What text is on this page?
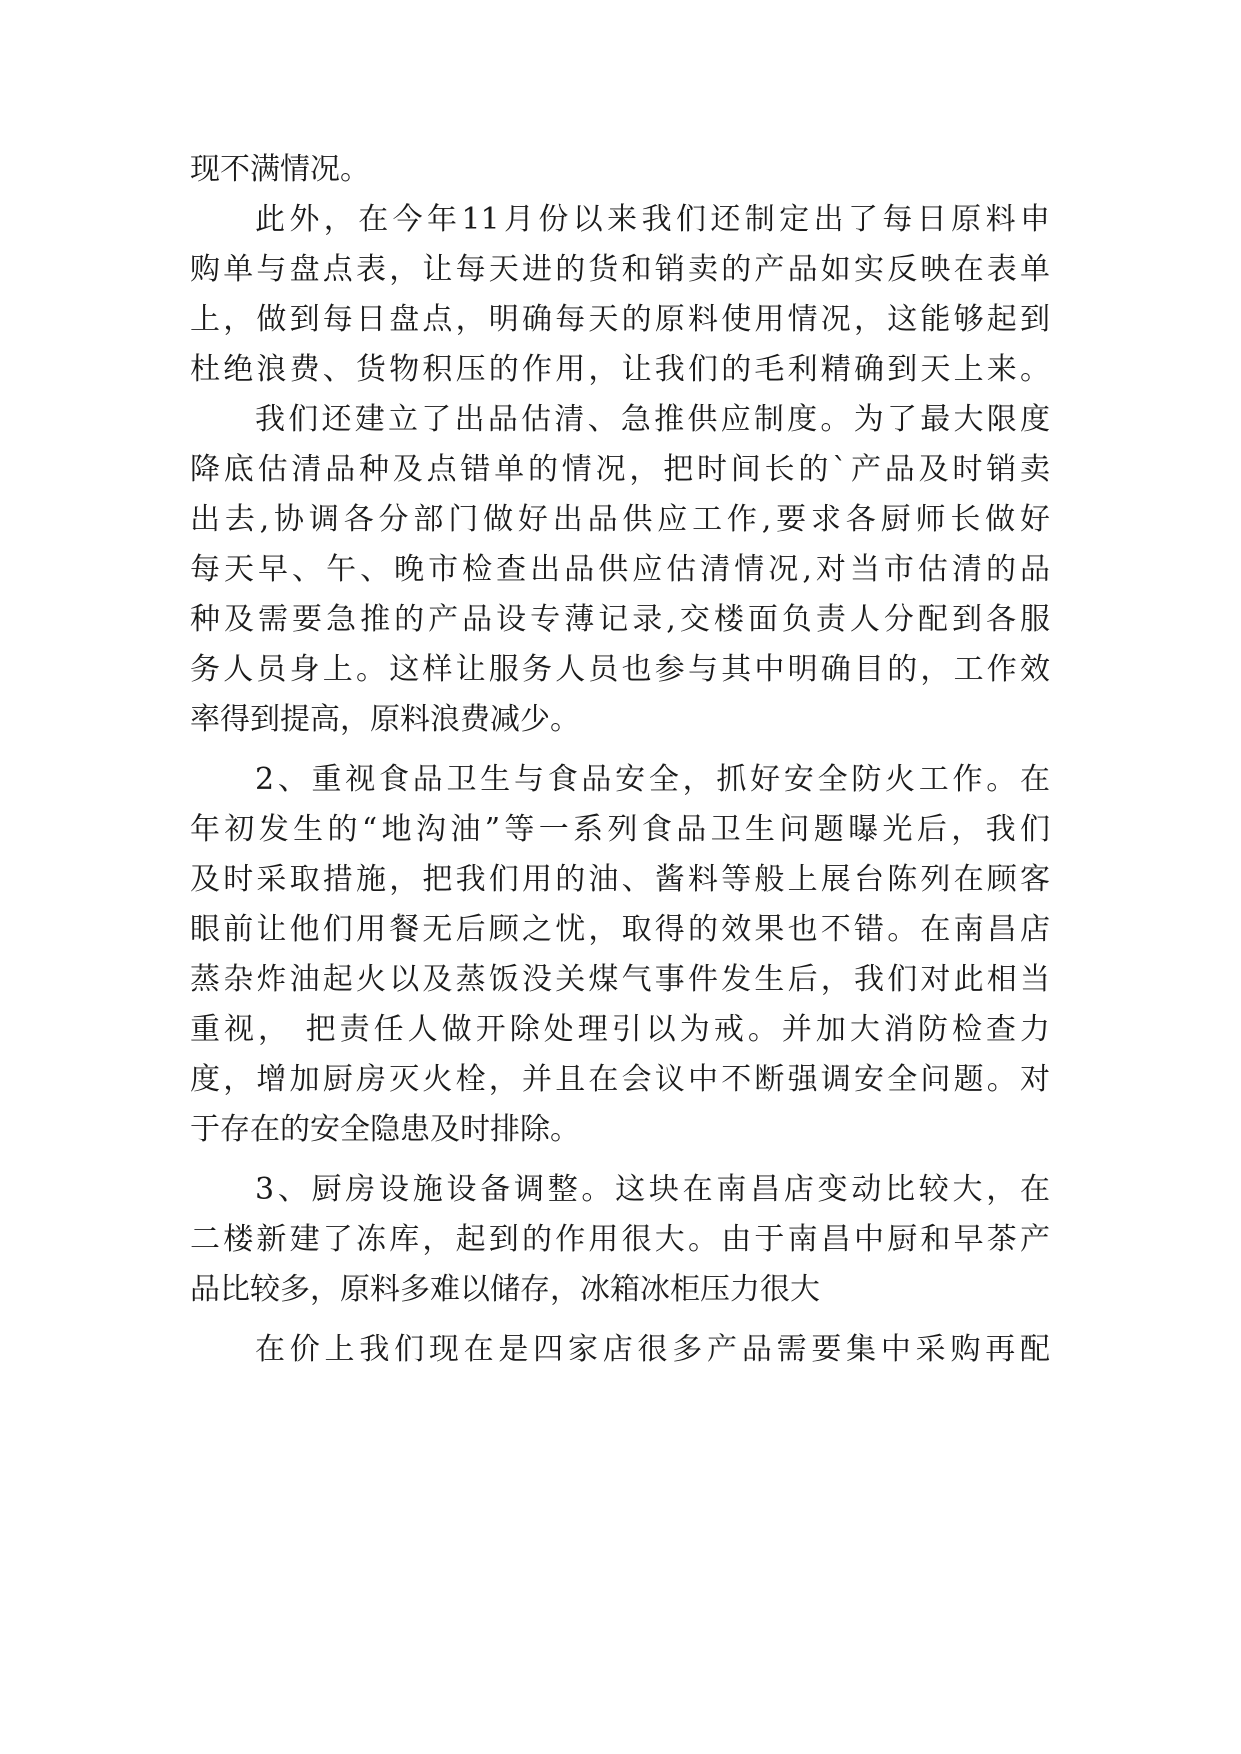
现不满情况。
此外，在今年11月份以来我们还制定出了每日原料申
购单与盘点表，让每天进的货和销卖的产品如实反映在表单
上，做到每日盘点，明确每天的原料使用情况，这能够起到
杜绝浪费、货物积压的作用，让我们的毛利精确到天上来。
我们还建立了出品估清、急推供应制度。为了最大限度
降底估清品种及点错单的情况，把时间长的`产品及时销卖
出去,协调各分部门做好出品供应工作,要求各厨师长做好
每天早、午、晚市检查出品供应估清情况,对当市估清的品
种及需要急推的产品设专薄记录,交楼面负责人分配到各服
务人员身上。这样让服务人员也参与其中明确目的，工作效
率得到提高，原料浪费减少。
2、重视食品卫生与食品安全，抓好安全防火工作。在
年初发生的“地沟油”等一系列食品卫生问题曝光后，我们
及时采取措施，把我们用的油、酱料等般上展台陈列在顾客
眼前让他们用餐无后顾之忧，取得的效果也不错。在南昌店
蒸杂炸油起火以及蒸饭没关煤气事件发生后，我们对此相当
重视， 把责任人做开除处理引以为戒。并加大消防检查力
度，增加厨房灭火栓，并且在会议中不断强调安全问题。对
于存在的安全隐患及时排除。
3、厨房设施设备调整。这块在南昌店变动比较大，在
二楼新建了冻库，起到的作用很大。由于南昌中厨和早茶产
品比较多，原料多难以储存，冰箱冰柜压力很大
在价上我们现在是四家店很多产品需要集中采购再配
